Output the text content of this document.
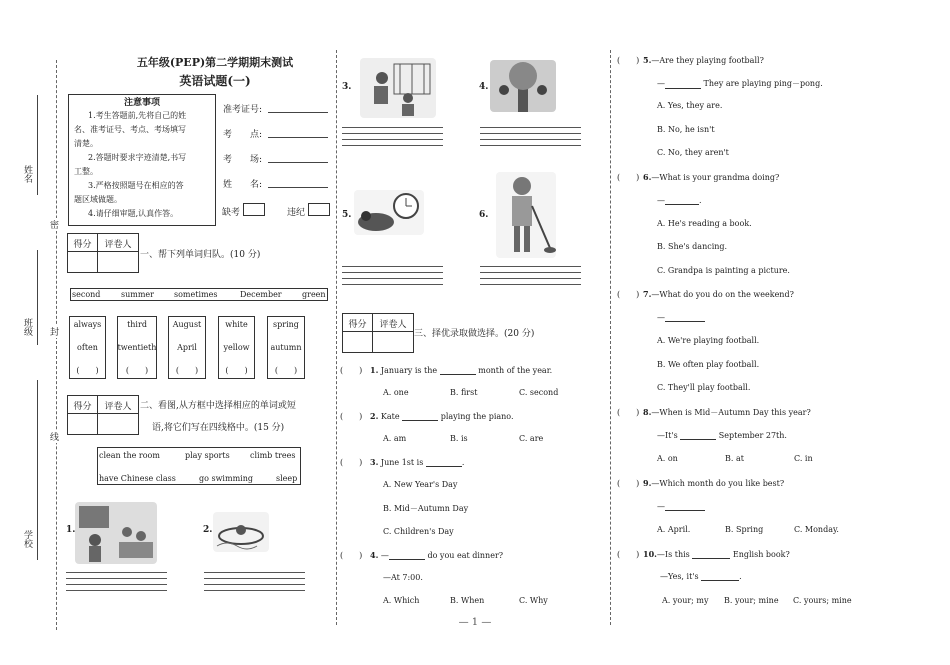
姓名
班级
学校
密
封
线
五年级(PEP)第二学期期末测试
英语试题(一)
注意事项
1.考生答题前,先将自己的姓
名、准考证号、考点、考场填写
清楚。
2.答题时要求字迹清楚,书写
工整。
3.严格按照题号在相应的答
题区域做题。
4.请仔细审题,认真作答。
准考证号:
考　　点:
考　　场:
姓　　名:
缺考	违纪
得分	评卷人
一、帮下列单词归队。(10 分)
second	summer	sometimes	December	green
always
often
(　　)
third
twentieth
(　　)
August
April
(　　)
white
yellow
(　　)
spring
autumn
(　　)
得分	评卷人 二、看图,从方框中选择相应的单词或短
语,将它们写在四线格中。(15 分)
clean the room	play sports	climb trees
have Chinese class	go swimming	sleep
1.	2.
3.	4.
5.	6.
得分	评卷人
三、择优录取做选择。(20 分)
(　　) 1. January is the	month of the year.
A. one	B. first	C. second
(　　) 2. Kate	playing the piano.
A. am	B. is	C. are
(　　) 3. June 1st is	.
A. New Year's Day
B. Mid－Autumn Day
C. Children's Day
(　　) 4. —	do you eat dinner?
—At 7:00.
A. Which	B. When	C. Why
(　　) 5.—Are they playing football?
—	They are playing ping－pong.
A. Yes, they are.
B. No, he isn't
C. No, they aren't
(　　) 6.—What is your grandma doing?
—	.
A. He's reading a book.
B. She's dancing.
C. Grandpa is painting a picture.
(　　) 7.—What do you do on the weekend?
—
A. We're playing football.
B. We often play football.
C. They'll play football.
(　　) 8.—When is Mid－Autumn Day this year?
—It's	September 27th.
A. on	B. at	C. in
(　　) 9.—Which month do you like best?
—
A. April.	B. Spring	C. Monday.
(　　) 10.—Is this	English book?
—Yes, it's	.
A. your; my B. your; mine C. yours; mine
— 1 —
